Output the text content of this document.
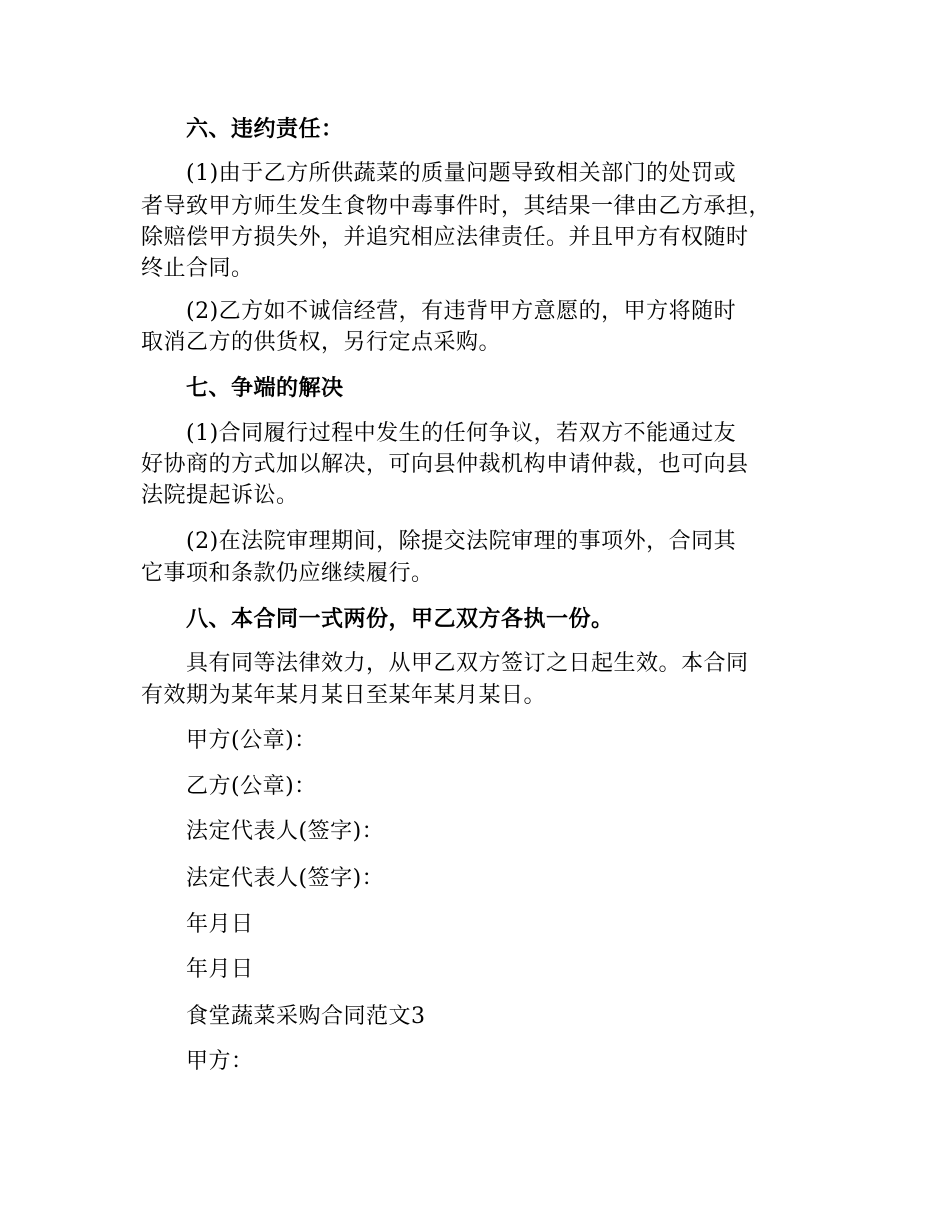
六、违约责任：
(1)由于乙方所供蔬菜的质量问题导致相关部门的处罚或
者导致甲方师生发生食物中毒事件时，其结果一律由乙方承担，
除赔偿甲方损失外，并追究相应法律责任。并且甲方有权随时
终止合同。
(2)乙方如不诚信经营，有违背甲方意愿的，甲方将随时
取消乙方的供货权，另行定点采购。
七、争端的解决
(1)合同履行过程中发生的任何争议，若双方不能通过友
好协商的方式加以解决，可向县仲裁机构申请仲裁，也可向县
法院提起诉讼。
(2)在法院审理期间，除提交法院审理的事项外，合同其
它事项和条款仍应继续履行。
八、本合同一式两份，甲乙双方各执一份。
具有同等法律效力，从甲乙双方签订之日起生效。本合同
有效期为某年某月某日至某年某月某日。
甲方(公章)：
乙方(公章)：
法定代表人(签字)：
法定代表人(签字)：
年月日
年月日
食堂蔬菜采购合同范文3
甲方：
